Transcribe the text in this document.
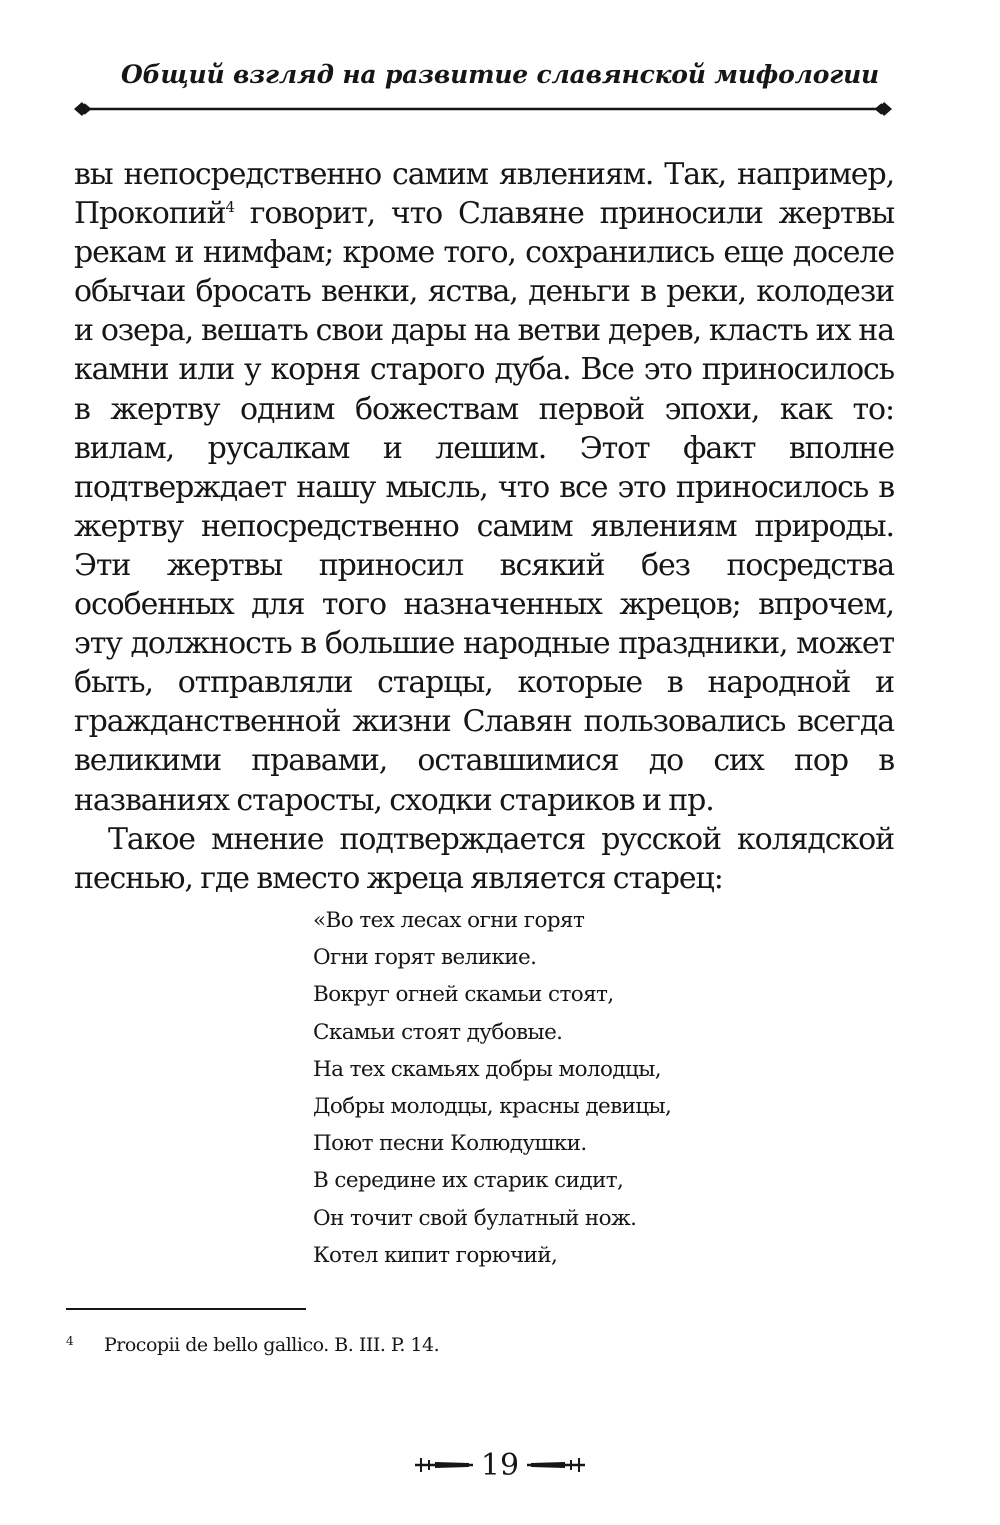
Общий взгляд на развитие славянской мифологии

вы непосредственно самим явлениям. Так, например, Прокопий$^4$ говорит, что Славяне приносили жертвы рекам и нимфам; кроме того, сохранились еще доселе обычаи бросать венки, яства, деньги в реки, колодези и озера, вешать свои дары на ветви дерев, класть их на камни или у корня старого дуба. Все это приносилось в жертву одним божествам первой эпохи, как то: вилам, русалкам и лешим. Этот факт вполне подтверждает нашу мысль, что все это приносилось в жертву непосредственно самим явлениям природы. Эти жертвы приносил всякий без посредства особенных для того назначенных жрецов; впрочем, эту должность в большие народные праздники, может быть, отправляли старцы, которые в народной и гражданственной жизни Славян пользовались всегда великими правами, оставшимися до сих пор в названиях старосты, сходки стариков и пр.

Такое мнение подтверждается русской колядской песнью, где вместо жреца является старец:

«Во тех лесах огни горят
Огни горят великие.
Вокруг огней скамьи стоят,
Скамьи стоят дубовые.
На тех скамьях добры молодцы,
Добры молодцы, красны девицы,
Поют песни Колюдушки.
В середине их старик сидит,
Он точит свой булатный нож.
Котел кипит горючий,
4 Procopii de bello gallico. B. III. P. 14.
19
